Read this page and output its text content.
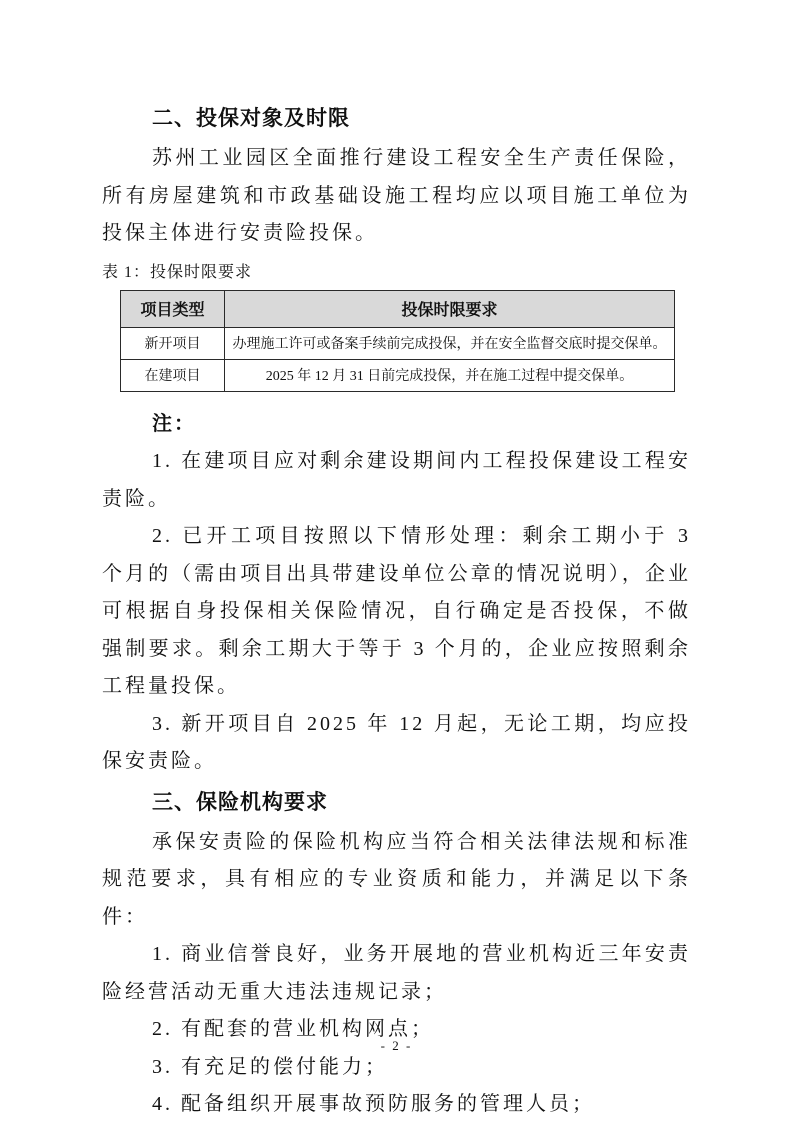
二、投保对象及时限

苏州工业园区全面推行建设工程安全生产责任保险，所有房屋建筑和市政基础设施工程均应以项目施工单位为投保主体进行安责险投保。

表 1：投保时限要求

项目类型	投保时限要求
新开项目	办理施工许可或备案手续前完成投保，并在安全监督交底时提交保单。
在建项目	2025 年 12 月 31 日前完成投保，并在施工过程中提交保单。

注：

1. 在建项目应对剩余建设期间内工程投保建设工程安责险。

2. 已开工项目按照以下情形处理：剩余工期小于 3 个月的（需由项目出具带建设单位公章的情况说明），企业可根据自身投保相关保险情况，自行确定是否投保，不做强制要求。剩余工期大于等于 3 个月的，企业应按照剩余工程量投保。

3. 新开项目自 2025 年 12 月起，无论工期，均应投保安责险。

三、保险机构要求

承保安责险的保险机构应当符合相关法律法规和标准规范要求，具有相应的专业资质和能力，并满足以下条件：

1. 商业信誉良好，业务开展地的营业机构近三年安责险经营活动无重大违法违规记录；

2. 有配套的营业机构网点；

3. 有充足的偿付能力；

4. 配备组织开展事故预防服务的管理人员；

- 2 -
